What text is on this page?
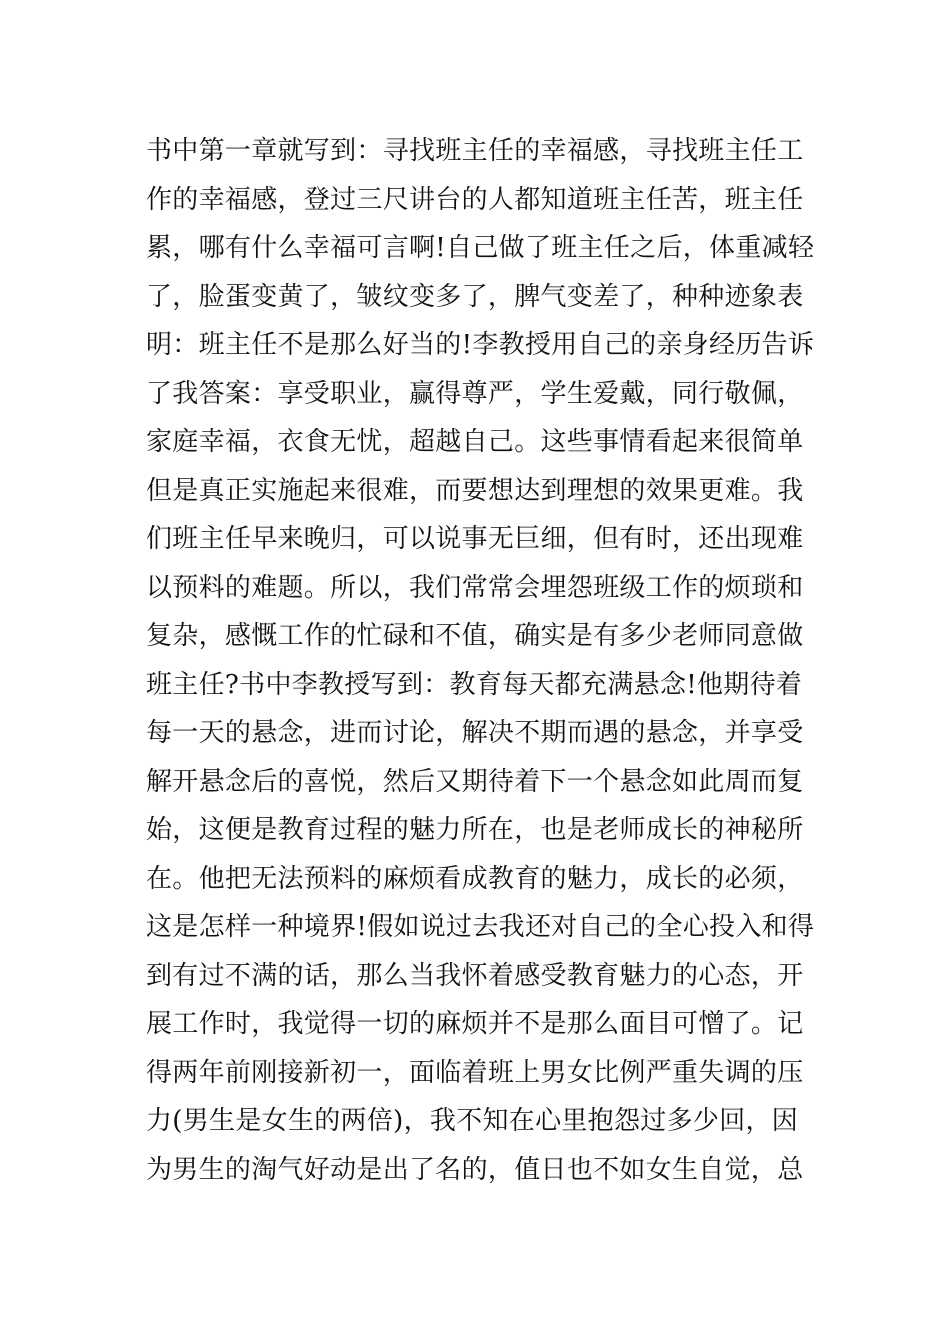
书中第一章就写到：寻找班主任的幸福感，寻找班主任工
作的幸福感，登过三尺讲台的人都知道班主任苦，班主任
累，哪有什么幸福可言啊!自己做了班主任之后，体重减轻
了，脸蛋变黄了，皱纹变多了，脾气变差了，种种迹象表
明：班主任不是那么好当的!李教授用自己的亲身经历告诉
了我答案：享受职业，赢得尊严，学生爱戴，同行敬佩，
家庭幸福，衣食无忧，超越自己。这些事情看起来很简单
但是真正实施起来很难，而要想达到理想的效果更难。我
们班主任早来晚归，可以说事无巨细，但有时，还出现难
以预料的难题。所以，我们常常会埋怨班级工作的烦琐和
复杂，感慨工作的忙碌和不值，确实是有多少老师同意做
班主任?书中李教授写到：教育每天都充满悬念!他期待着
每一天的悬念，进而讨论，解决不期而遇的悬念，并享受
解开悬念后的喜悦，然后又期待着下一个悬念如此周而复
始，这便是教育过程的魅力所在，也是老师成长的神秘所
在。他把无法预料的麻烦看成教育的魅力，成长的必须，
这是怎样一种境界!假如说过去我还对自己的全心投入和得
到有过不满的话，那么当我怀着感受教育魅力的心态，开
展工作时，我觉得一切的麻烦并不是那么面目可憎了。记
得两年前刚接新初一，面临着班上男女比例严重失调的压
力(男生是女生的两倍)，我不知在心里抱怨过多少回，因
为男生的淘气好动是出了名的，值日也不如女生自觉，总
